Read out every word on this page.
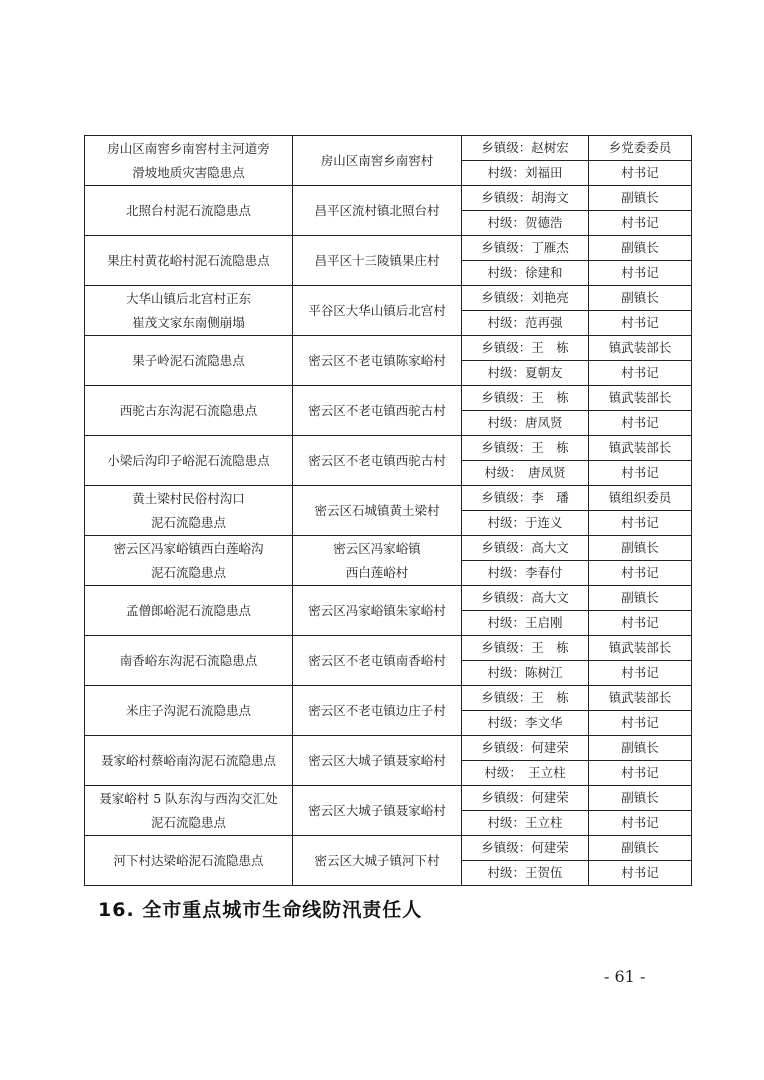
房山区南窖乡南窖村主河道旁
滑坡地质灾害隐患点	房山区南窖乡南窖村	乡镇级：赵树宏	乡党委委员
		村级：刘福田	村书记

北照台村泥石流隐患点	昌平区流村镇北照台村	乡镇级：胡海文	副镇长
		村级：贺德浩	村书记

果庄村黄花峪村泥石流隐患点	昌平区十三陵镇果庄村	乡镇级：丁雁杰	副镇长
		村级：徐建和	村书记

大华山镇后北宫村正东
崔茂文家东南侧崩塌	平谷区大华山镇后北宫村	乡镇级：刘艳亮	副镇长
		村级：范再强	村书记

果子岭泥石流隐患点	密云区不老屯镇陈家峪村	乡镇级：王　栋	镇武装部长
		村级：夏朝友	村书记

西驼古东沟泥石流隐患点	密云区不老屯镇西驼古村	乡镇级：王　栋	镇武装部长
		村级：唐凤贤	村书记

小梁后沟印子峪泥石流隐患点	密云区不老屯镇西驼古村	乡镇级：王　栋	镇武装部长
		村级：　唐凤贤	村书记

黄土梁村民俗村沟口
泥石流隐患点	密云区石城镇黄土梁村	乡镇级：李　璠	镇组织委员
		村级：于连义	村书记

密云区冯家峪镇西白莲峪沟
泥石流隐患点	密云区冯家峪镇
西白莲峪村	乡镇级：高大文	副镇长
		村级：李春付	村书记

孟僧郎峪泥石流隐患点	密云区冯家峪镇朱家峪村	乡镇级：高大文	副镇长
		村级：王启刚	村书记

南香峪东沟泥石流隐患点	密云区不老屯镇南香峪村	乡镇级：王　栋	镇武装部长
		村级：陈树江	村书记

米庄子沟泥石流隐患点	密云区不老屯镇边庄子村	乡镇级：王　栋	镇武装部长
		村级：李文华	村书记

聂家峪村蔡峪南沟泥石流隐患点	密云区大城子镇聂家峪村	乡镇级：何建荣	副镇长
		村级：　王立柱	村书记

聂家峪村 5 队东沟与西沟交汇处
泥石流隐患点	密云区大城子镇聂家峪村	乡镇级：何建荣	副镇长
		村级：王立柱	村书记

河下村达梁峪泥石流隐患点	密云区大城子镇河下村	乡镇级：何建荣	副镇长
		村级：王贺伍	村书记
16. 全市重点城市生命线防汛责任人
- 61 -
